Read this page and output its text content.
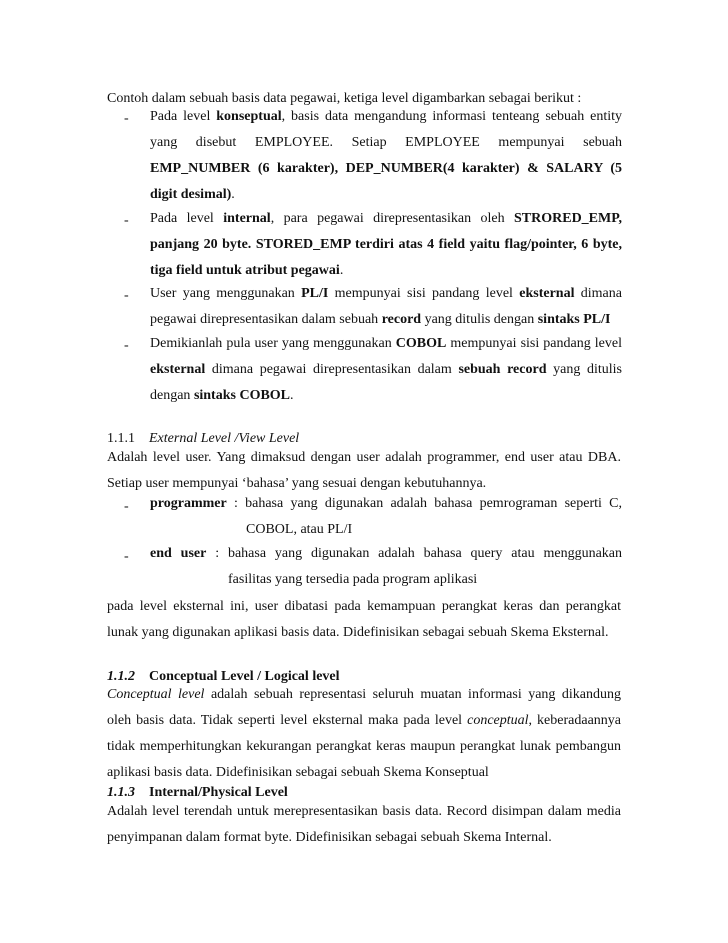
Contoh dalam sebuah basis data pegawai, ketiga level digambarkan sebagai berikut :
- Pada level konseptual, basis data mengandung informasi tenteang sebuah entity yang disebut EMPLOYEE. Setiap EMPLOYEE mempunyai sebuah EMP_NUMBER (6 karakter), DEP_NUMBER(4 karakter) & SALARY (5 digit desimal).
- Pada level internal, para pegawai direpresentasikan oleh STRORED_EMP, panjang 20 byte. STORED_EMP terdiri atas 4 field yaitu flag/pointer, 6 byte, tiga field untuk atribut pegawai.
- User yang menggunakan PL/I mempunyai sisi pandang level eksternal dimana pegawai direpresentasikan dalam sebuah record yang ditulis dengan sintaks PL/I
- Demikianlah pula user yang menggunakan COBOL mempunyai sisi pandang level eksternal dimana pegawai direpresentasikan dalam sebuah record yang ditulis dengan sintaks COBOL.
1.1.1 External Level /View Level
Adalah level user. Yang dimaksud dengan user adalah programmer, end user atau DBA. Setiap user mempunyai ‘bahasa’ yang sesuai dengan kebutuhannya.
- programmer : bahasa yang digunakan adalah bahasa pemrograman seperti C,
COBOL, atau PL/I
- end user : bahasa yang digunakan adalah bahasa query atau menggunakan
fasilitas yang tersedia pada program aplikasi
pada level eksternal ini, user dibatasi pada kemampuan perangkat keras dan perangkat lunak yang digunakan aplikasi basis data. Didefinisikan sebagai sebuah Skema Eksternal.
1.1.2 Conceptual Level / Logical level
Conceptual level adalah sebuah representasi seluruh muatan informasi yang dikandung oleh basis data. Tidak seperti level eksternal maka pada level conceptual, keberadaannya tidak memperhitungkan kekurangan perangkat keras maupun perangkat lunak pembangun aplikasi basis data. Didefinisikan sebagai sebuah Skema Konseptual
1.1.3 Internal/Physical Level
Adalah level terendah untuk merepresentasikan basis data. Record disimpan dalam media penyimpanan dalam format byte. Didefinisikan sebagai sebuah Skema Internal.
